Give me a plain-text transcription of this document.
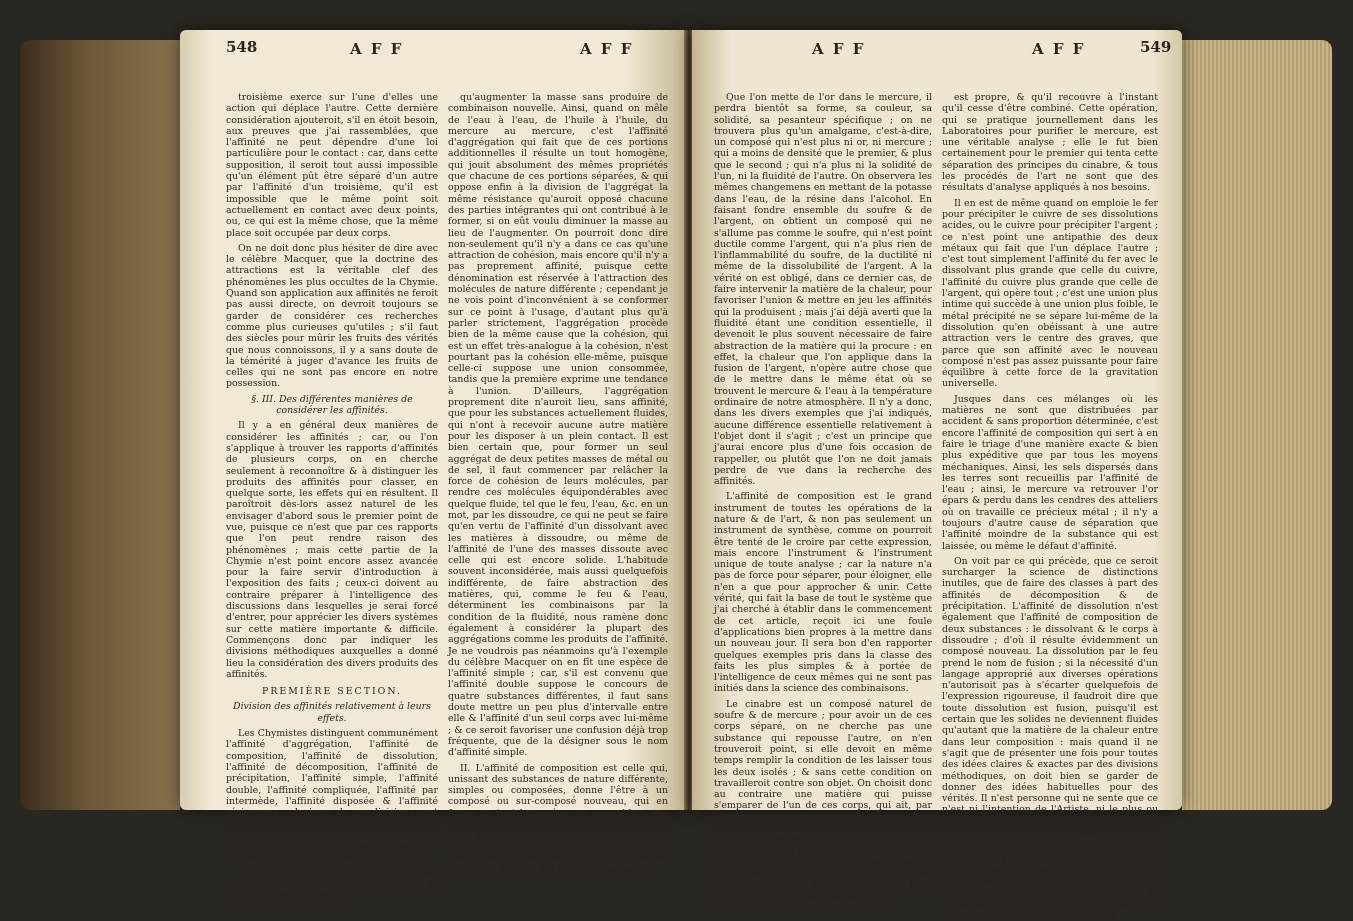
548	A F F	A F F

troisième exerce sur l'une d'elles une action qui déplace l'autre. Cette dernière considération ajouteroit, s'il en étoit besoin, aux preuves que j'ai rassemblées, que l'affinité ne peut dépendre d'une loi particulière pour le contact : car, dans cette supposition, il seroit tout aussi impossible qu'un élément pût être séparé d'un autre par l'affinité d'un troisième, qu'il est impossible que le même point soit actuellement en contact avec deux points, ou, ce qui est la même chose, que la même place soit occupée par deux corps.

On ne doit donc plus hésiter de dire avec le célèbre Macquer, que la doctrine des attractions est la véritable clef des phénomènes les plus occultes de la Chymie. Quand son application aux affinités ne feroit pas aussi directe, on devroit toujours se garder de considérer ces recherches comme plus curieuses qu'utiles ; s'il faut des siècles pour mûrir les fruits des vérités que nous connoissons, il y a sans doute de la témérité à juger d'avance les fruits de celles qui ne sont pas encore en notre possession.

§. III. Des différentes manières de considérer les affinités.

Il y a en général deux manières de considérer les affinités ; car, ou l'on s'applique à trouver les rapports d'affinités de plusieurs corps, on en cherche seulement à reconnoître & à distinguer les produits des affinités pour classer, en quelque sorte, les effets qui en résultent. Il paroîtroit dès-lors assez naturel de les envisager d'abord sous le premier point de vue, puisque ce n'est que par ces rapports que l'on peut rendre raison des phénomènes ; mais cette partie de la Chymie n'est point encore assez avancée pour la faire servir d'introduction à l'exposition des faits ; ceux-ci doivent au contraire préparer à l'intelligence des discussions dans lesquelles je serai forcé d'entrer, pour apprécier les divers systèmes sur cette matière importante & difficile. Commençons donc par indiquer les divisions méthodiques auxquelles a donné lieu la considération des divers produits des affinités.

PREMIÈRE SECTION.

Division des affinités relativement à leurs effets.

Les Chymistes distinguent communément l'affinité d'aggrégation, l'affinité de composition, l'affinité de dissolution, l'affinité de décomposition, l'affinité de précipitation, l'affinité simple, l'affinité double, l'affinité compliquée, l'affinité par intermède, l'affinité disposée & l'affinité réciproque : plusieurs de ces divisions sont oiseuses, nous n'en retiendrons que quatre, dans lesquelles on fera rentrer facilement toutes les autres, & qui embrassent par conséquent tout le système.

I. La première est l'affinité d'aggrégation ; elle n'a lieu qu'entre des molécules de même nature ; elle ne fait

qu'augmenter la masse sans produire de combinaison nouvelle. Ainsi, quand on mêle de l'eau à l'eau, de l'huile à l'huile, du mercure au mercure, c'est l'affinité d'aggrégation qui fait que de ces portions additionnelles il résulte un tout homogène, qui jouit absolument des mêmes propriétés que chacune de ces portions séparées, & qui oppose enfin à la division de l'aggrégat la même résistance qu'auroit opposé chacune des parties intégrantes qui ont contribué à le former, si on eût voulu diminuer la masse au lieu de l'augmenter. On pourroit donc dire non-seulement qu'il n'y a dans ce cas qu'une attraction de cohésion, mais encore qu'il n'y a pas proprement affinité, puisque cette dénomination est réservée à l'attraction des molécules de nature différente ; cependant je ne vois point d'inconvénient à se conformer sur ce point à l'usage, d'autant plus qu'à parler strictement, l'aggrégation procède bien de la même cause que la cohésion, qui est un effet très-analogue à la cohésion, n'est pourtant pas la cohésion elle-même, puisque celle-ci suppose une union consommée, tandis que la première exprime une tendance à l'union. D'ailleurs, l'aggrégation proprement dite n'auroit lieu, sans affinité, que pour les substances actuellement fluides, qui n'ont à recevoir aucune autre matière pour les disposer à un plein contact. Il est bien certain que, pour former un seul aggrégat de deux petites masses de métal ou de sel, il faut commencer par relâcher la force de cohésion de leurs molécules, par rendre ces molécules équipondérables avec quelque fluide, tel que le feu, l'eau, &c. en un mot, par les dissoudre, ce qui ne peut se faire qu'en vertu de l'affinité d'un dissolvant avec les matières à dissoudre, ou même de l'affinité de l'une des masses dissoute avec celle qui est encore solide. L'habitude souvent inconsidérée, mais aussi quelquefois indifférente, de faire abstraction des matières, qui, comme le feu & l'eau, déterminent les combinaisons par la condition de la fluidité, nous ramène donc également à considérer la plupart des aggrégations comme les produits de l'affinité. Je ne voudrois pas néanmoins qu'à l'exemple du célèbre Macquer on en fît une espèce de l'affinité simple ; car, s'il est convenu que l'affinité double suppose le concours de quatre substances différentes, il faut sans doute mettre un peu plus d'intervalle entre elle & l'affinité d'un seul corps avec lui-même ; & ce seroit favoriser une confusion déjà trop fréquente, que de la désigner sous le nom d'affinité simple.

II. L'affinité de composition est celle qui, unissant des substances de nature différente, simples ou composées, donne l'être à un composé ou sur-composé nouveau, qui en forme un tout homogène, un assemblage sur lequel les forces méchaniques ne peuvent rien, que l'affinité seule pourra détruire, & dont les propriétés toujours caractéristiques sont souvent étrangères, quelquefois même contraires à celles des parties composantes.

A F F	A F F	549

Que l'on mette de l'or dans le mercure, il perdra bientôt sa forme, sa couleur, sa solidité, sa pesanteur spécifique ; on ne trouvera plus qu'un amalgame, c'est-à-dire, un composé qui n'est plus ni or, ni mercure ; qui a moins de densité que le premier, & plus que le second ; qui n'a plus ni la solidité de l'un, ni la fluidité de l'autre. On observera les mêmes changemens en mettant de la potasse dans l'eau, de la résine dans l'alcohol. En faisant fondre ensemble du soufre & de l'argent, on obtient un composé qui ne s'allume pas comme le soufre, qui n'est point ductile comme l'argent, qui n'a plus rien de l'inflammabilité du soufre, de la ductilité ni même de la dissolubilité de l'argent. A la vérité on est obligé, dans ce dernier cas, de faire intervenir la matière de la chaleur, pour favoriser l'union & mettre en jeu les affinités qui la produisent ; mais j'ai déjà averti que la fluidité étant une condition essentielle, il devenoit le plus souvent nécessaire de faire abstraction de la matière qui la procure : en effet, la chaleur que l'on applique dans la fusion de l'argent, n'opère autre chose que de le mettre dans le même état où se trouvent le mercure & l'eau à la température ordinaire de notre atmosphère. Il n'y a donc, dans les divers exemples que j'ai indiqués, aucune différence essentielle relativement à l'objet dont il s'agit ; c'est un principe que j'aurai encore plus d'une fois occasion de rappeller, ou plutôt que l'on ne doit jamais perdre de vue dans la recherche des affinités.

L'affinité de composition est le grand instrument de toutes les opérations de la nature & de l'art, & non pas seulement un instrument de synthèse, comme on pourroit être tenté de le croire par cette expression, mais encore l'instrument & l'instrument unique de toute analyse ; car la nature n'a pas de force pour séparer, pour éloigner, elle n'en a que pour approcher & unir. Cette vérité, qui fait la base de tout le système que j'ai cherché à établir dans le commencement de cet article, reçoit ici une foule d'applications bien propres à la mettre dans un nouveau jour. Il sera bon d'en rapporter quelques exemples pris dans la classe des faits les plus simples & à portée de l'intelligence de ceux mêmes qui ne sont pas initiés dans la science des combinaisons.

Le cinabre est un composé naturel de soufre & de mercure ; pour avoir un de ces corps séparé, on ne cherche pas une substance qui repousse l'autre, on n'en trouveroit point, si elle devoit en même temps remplir la condition de les laisser tous les deux isolés ; & sans cette condition on travailleroit contre son objet. On choisit donc au contraire une matière qui puisse s'emparer de l'un de ces corps, qui ait, par exemple, plus d'affinité avec le soufre que le mercure : le fer est dans ce cas la matière que l'on cherche. On mêle donc le plus exactement qu'il est possible le cinabre & la limaille de fer ; & ce mélange étant exposé à une chaleur convenable, le soufre s'attache au fer, tandis que le mercure rendu libre s'élève en vertu de la volatilité qui lui

est propre, & qu'il recouvre à l'instant qu'il cesse d'être combiné. Cette opération, qui se pratique journellement dans les Laboratoires pour purifier le mercure, est une véritable analyse ; elle le fut bien certainement pour le premier qui tenta cette séparation des principes du cinabre, & tous les procédés de l'art ne sont que des résultats d'analyse appliqués à nos besoins.

Il en est de même quand on emploie le fer pour précipiter le cuivre de ses dissolutions acides, ou le cuivre pour précipiter l'argent ; ce n'est point une antipathie des deux métaux qui fait que l'un déplace l'autre ; c'est tout simplement l'affinité du fer avec le dissolvant plus grande que celle du cuivre, l'affinité du cuivre plus grande que celle de l'argent, qui opère tout ; c'est une union plus intime qui succède à une union plus foible, le métal précipité ne se sépare lui-même de la dissolution qu'en obéissant à une autre attraction vers le centre des graves, que parce que son affinité avec le nouveau composé n'est pas assez puissante pour faire équilibre à cette force de la gravitation universelle.

Jusques dans ces mélanges où les matières ne sont que distribuées par accident & sans proportion déterminée, c'est encore l'affinité de composition qui sert à en faire le triage d'une manière exacte & bien plus expéditive que par tous les moyens méchaniques. Ainsi, les sels dispersés dans les terres sont recueillis par l'affinité de l'eau ; ainsi, le mercure va retrouver l'or épars & perdu dans les cendres des atteliers où on travaille ce précieux métal ; il n'y a toujours d'autre cause de séparation que l'affinité moindre de la substance qui est laissée, ou même le défaut d'affinité.

On voit par ce qui précède, que ce seroit surcharger la science de distinctions inutiles, que de faire des classes à part des affinités de décomposition & de précipitation. L'affinité de dissolution n'est également que l'affinité de composition de deux substances : le dissolvant & le corps à dissoudre ; d'où il résulte évidemment un composé nouveau. La dissolution par le feu prend le nom de fusion ; si la nécessité d'un langage approprié aux diverses opérations n'autorisoit pas à s'écarter quelquefois de l'expression rigoureuse, il faudroit dire que toute dissolution est fusion, puisqu'il est certain que les solides ne deviennent fluides qu'autant que la matière de la chaleur entre dans leur composition : mais quand il ne s'agit que de présenter une fois pour toutes des idées claires & exactes par des divisions méthodiques, on doit bien se garder de donner des idées habituelles pour des vérités. Il n'est personne qui ne sente que ce n'est ni l'intention de l'Artiste, ni le plus ou le moins de matière qu'il combine pour atteindre son but, qui change la nature spécifique d'une combinaison.

Tant que l'affinité ne produit que l'union de deux corps, il ne peut y avoir de difficulté de la nommer absolument affinité de composition, & même il n'y a pas lieu de distinguer si ce sont des corps simples, ou des corps déjà composés, parce qu'il
